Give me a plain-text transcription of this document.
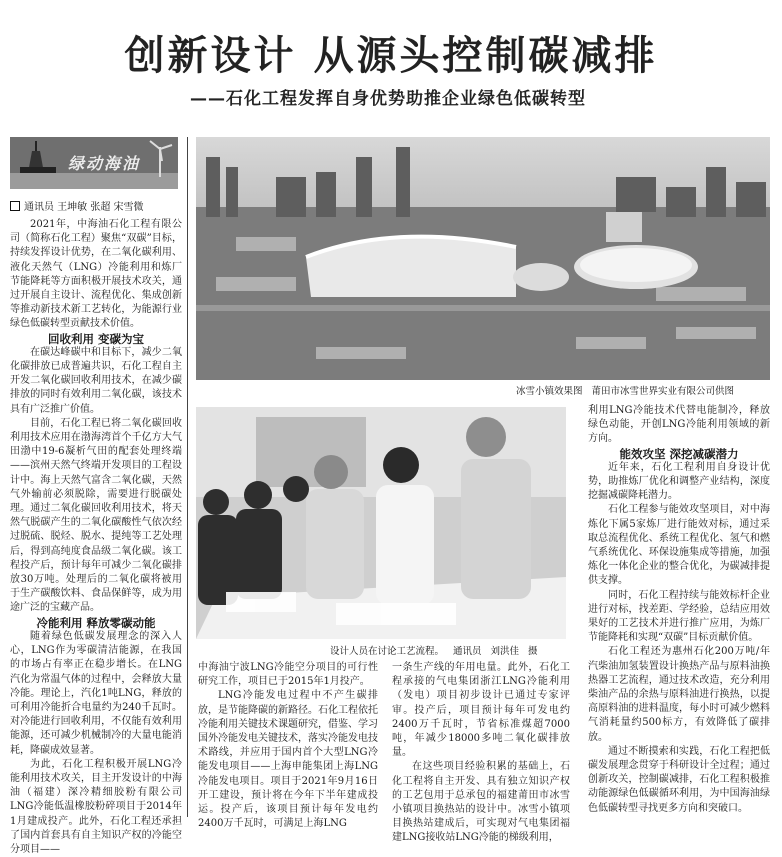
创新设计 从源头控制碳减排
——石化工程发挥自身优势助推企业绿色低碳转型
绿动海油
通讯员 王坤敏 张超 宋雪微
冰雪小镇效果图 莆田市冰雪世界实业有限公司供图
设计人员在讨论工艺流程。 通讯员 刘洪佳 摄

2021年，中海油石化工程有限公司（简称石化工程）聚焦“双碳”目标，持续发挥设计优势，在二氧化碳利用、液化天然气（LNG）冷能利用和炼厂节能降耗等方面积极开展技术攻关，通过开展自主设计、流程优化、集成创新等推动新技术新工艺转化，为能源行业绿色低碳转型贡献技术价值。

回收利用 变碳为宝

在碳达峰碳中和目标下，减少二氧化碳排放已成普遍共识，石化工程自主开发二氧化碳回收利用技术，在减少碳排放的同时有效利用二氧化碳，该技术具有广泛推广价值。

目前，石化工程已将二氧化碳回收利用技术应用在渤海湾首个千亿方大气田渤中19-6凝析气田的配套处理终端——滨州天然气终端开发项目的工程设计中。海上天然气富含二氧化碳，天然气外输前必须脱除，需要进行脱碳处理。通过二氧化碳回收利用技术，将天然气脱碳产生的二氧化碳酸性气依次经过脱硫、脱烃、脱水、提纯等工艺处理后，得到高纯度食品级二氧化碳。该工程投产后，预计每年可减少二氧化碳排放30万吨。处理后的二氧化碳将被用于生产碳酸饮料、食品保鲜等，成为用途广泛的宝藏产品。

冷能利用 释放零碳动能

随着绿色低碳发展理念的深入人心，LNG作为零碳清洁能源，在我国的市场占有率正在稳步增长。在LNG汽化为常温气体的过程中，会释放大量冷能。理论上，汽化1吨LNG，释放的可利用冷能折合电量约为240千瓦时。对冷能进行回收利用，不仅能有效利用能源，还可减少机械制冷的大量电能消耗，降碳成效显著。

为此，石化工程积极开展LNG冷能利用技术攻关，目主开发设计的中海油（福建）深冷精细胶粉有限公司LNG冷能低温橡胶粉碎项目于2014年1月建成投产。此外，石化工程还承担了国内首套具有自主知识产权的冷能空分项目——

中海油宁波LNG冷能空分项目的可行性研究工作，项目已于2015年1月投产。

LNG冷能发电过程中不产生碳排放，是节能降碳的新路径。石化工程依托冷能利用关键技术课题研究，借鉴、学习国外冷能发电关键技术，落实冷能发电技术路线，并应用于国内首个大型LNG冷能发电项目——上海申能集团上海LNG冷能发电项目。项目于2021年9月16日开工建设，预计将在今年下半年建成投运。投产后，该项目预计每年发电约2400万千瓦时，可满足上海LNG

一条生产线的年用电量。此外，石化工程承接的气电集团浙江LNG冷能利用（发电）项目初步设计已通过专家评审。投产后，项目预计每年可发电约2400万千瓦时，节省标准煤超7000吨，年减少18000多吨二氧化碳排放量。

在这些项目经验积累的基础上，石化工程将自主开发、具有独立知识产权的工艺包用于总承包的福建莆田市冰雪小镇项目换热站的设计中。冰雪小镇项目换热站建成后，可实现对气电集团福建LNG接收站LNG冷能的梯级利用，

利用LNG冷能技术代替电能制冷，释放绿色动能，开创LNG冷能利用领域的新方向。

能效攻坚 深挖减碳潜力

近年来，石化工程利用自身设计优势，助推炼厂优化和调整产业结构，深度挖掘减碳降耗潜力。

石化工程参与能效攻坚项目，对中海炼化下属5家炼厂进行能效对标，通过采取总流程优化、系统工程优化、氢气和燃气系统优化、环保设施集成等措施，加强炼化一体化企业的整合优化，为碳减排提供支撑。

同时，石化工程持续与能效标杆企业进行对标，找差距、学经验，总结应用效果好的工艺技术并进行推广应用，为炼厂节能降耗和实现“双碳”目标贡献价值。

石化工程还为惠州石化200万吨/年汽柴油加氢装置设计换热产品与原料油换热器工艺流程，通过技术改造，充分利用柴油产品的余热与原料油进行换热，以提高原料油的进料温度，每小时可减少燃料气消耗量约500标方，有效降低了碳排放。

通过不断摸索和实践，石化工程把低碳发展理念贯穿于科研设计全过程；通过创新攻关，控制碳减排，石化工程积极推动能源绿色低碳循环利用，为中国海油绿色低碳转型寻找更多方向和突破口。
